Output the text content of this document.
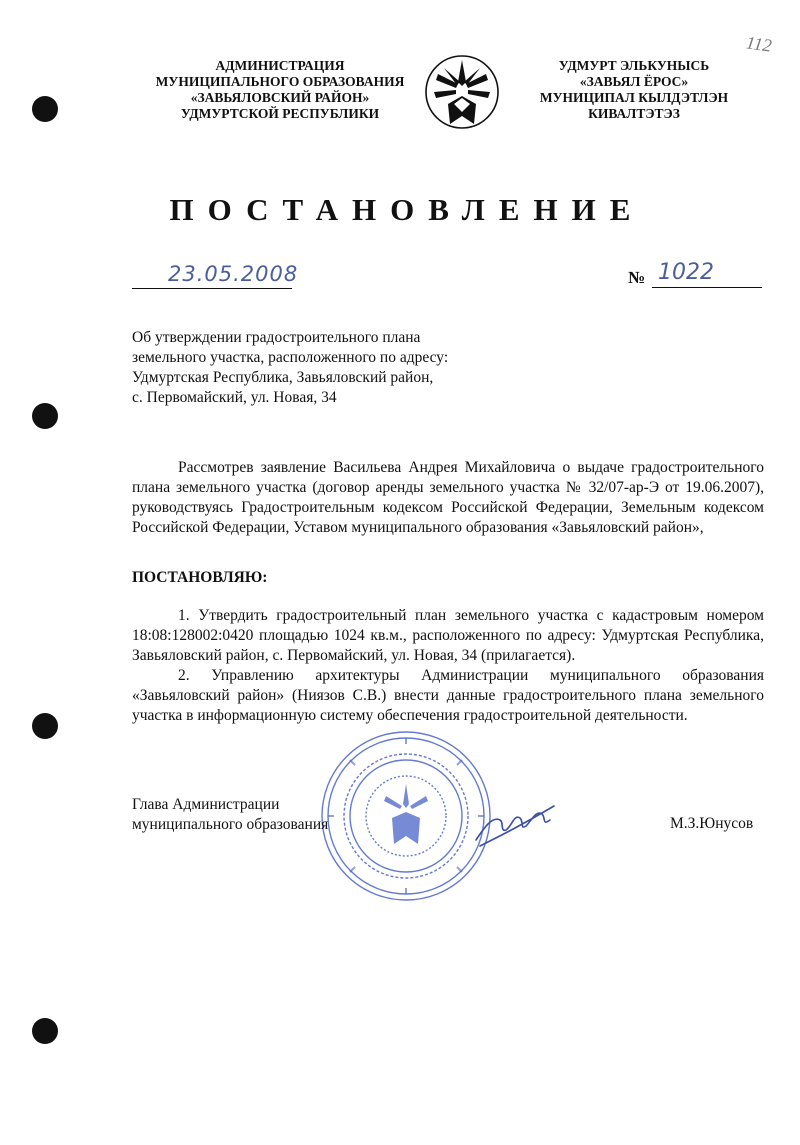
112
АДМИНИСТРАЦИЯ
МУНИЦИПАЛЬНОГО ОБРАЗОВАНИЯ
«ЗАВЬЯЛОВСКИЙ РАЙОН»
УДМУРТСКОЙ РЕСПУБЛИКИ
УДМУРТ ЭЛЬКУНЫСЬ
«ЗАВЬЯЛ ЁРОС»
МУНИЦИПАЛ КЫЛДЭТЛЭН
КИВАЛТЭТЭЗ
ПОСТАНОВЛЕНИЕ
23.05.2008	№ 1022
Об утверждении градостроительного плана
земельного участка, расположенного по адресу:
Удмуртская Республика, Завьяловский район,
с. Первомайский, ул. Новая, 34
Рассмотрев заявление Васильева Андрея Михайловича о выдаче градостроительного плана земельного участка (договор аренды земельного участка № 32/07-ар-Э от 19.06.2007), руководствуясь Градостроительным кодексом Российской Федерации, Земельным кодексом Российской Федерации, Уставом муниципального образования «Завьяловский район»,
ПОСТАНОВЛЯЮ:
1. Утвердить градостроительный план земельного участка с кадастровым номером 18:08:128002:0420 площадью 1024 кв.м., расположенного по адресу: Удмуртская Республика, Завьяловский район, с. Первомайский, ул. Новая, 34 (прилагается).
2. Управлению архитектуры Администрации муниципального образования «Завьяловский район» (Ниязов С.В.) внести данные градостроительного плана земельного участка в информационную систему обеспечения градостроительной деятельности.
Глава Администрации
муниципального образования	М.З.Юнусов
